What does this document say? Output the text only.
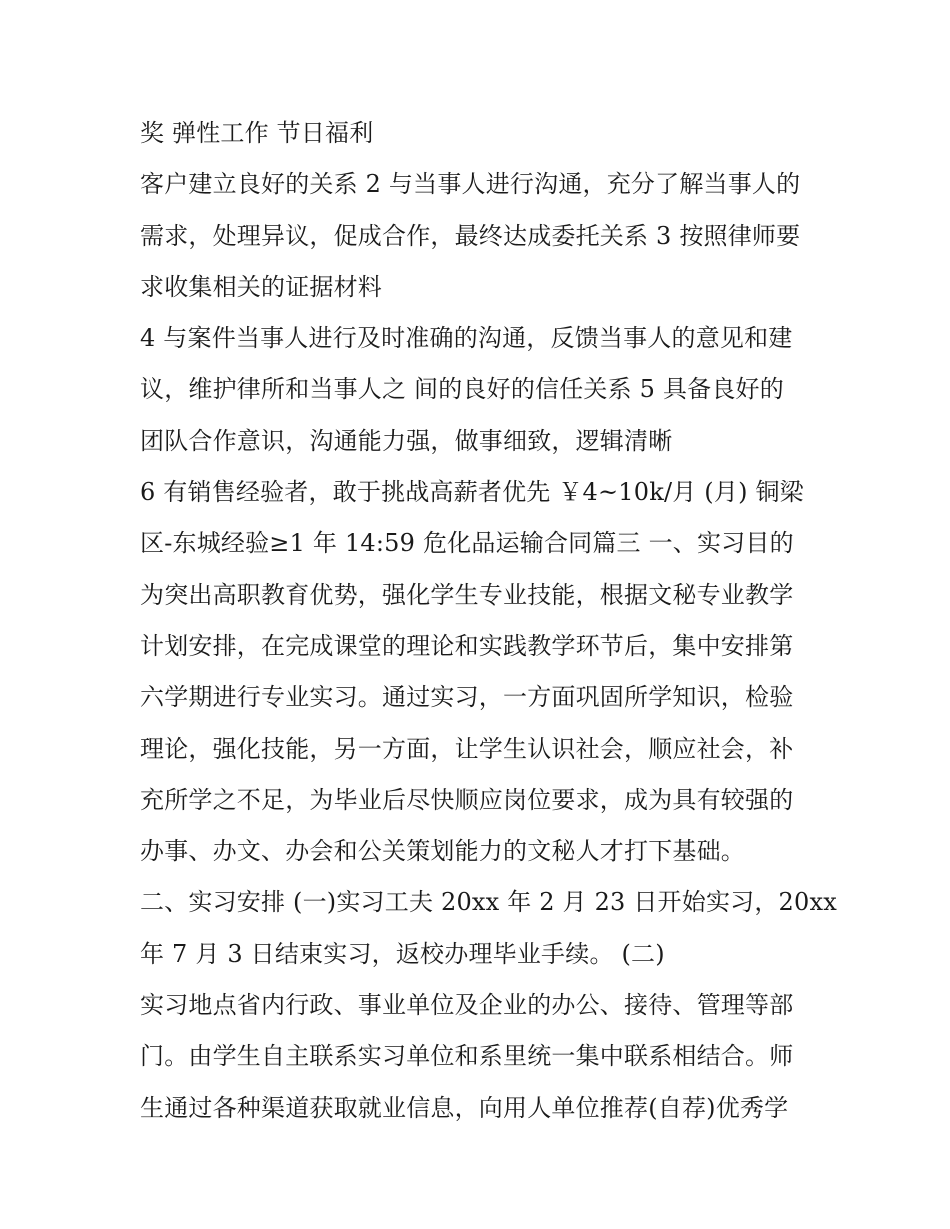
奖 弹性工作 节日福利
客户建立良好的关系 2 与当事人进行沟通，充分了解当事人的
需求，处理异议，促成合作，最终达成委托关系 3 按照律师要
求收集相关的证据材料
4 与案件当事人进行及时准确的沟通，反馈当事人的意见和建
议，维护律所和当事人之 间的良好的信任关系 5 具备良好的
团队合作意识，沟通能力强，做事细致，逻辑清晰
6 有销售经验者，敢于挑战高薪者优先 ￥4~10k/月 (月) 铜梁
区-东城经验≥1 年 14:59 危化品运输合同篇三 一、实习目的
为突出高职教育优势，强化学生专业技能，根据文秘专业教学
计划安排，在完成课堂的理论和实践教学环节后，集中安排第
六学期进行专业实习。通过实习，一方面巩固所学知识，检验
理论，强化技能，另一方面，让学生认识社会，顺应社会，补
充所学之不足，为毕业后尽快顺应岗位要求，成为具有较强的
办事、办文、办会和公关策划能力的文秘人才打下基础。
二、实习安排 (一)实习工夫 20xx 年 2 月 23 日开始实习，20xx
年 7 月 3 日结束实习，返校办理毕业手续。 (二)
实习地点省内行政、事业单位及企业的办公、接待、管理等部
门。由学生自主联系实习单位和系里统一集中联系相结合。师
生通过各种渠道获取就业信息，向用人单位推荐(自荐)优秀学
